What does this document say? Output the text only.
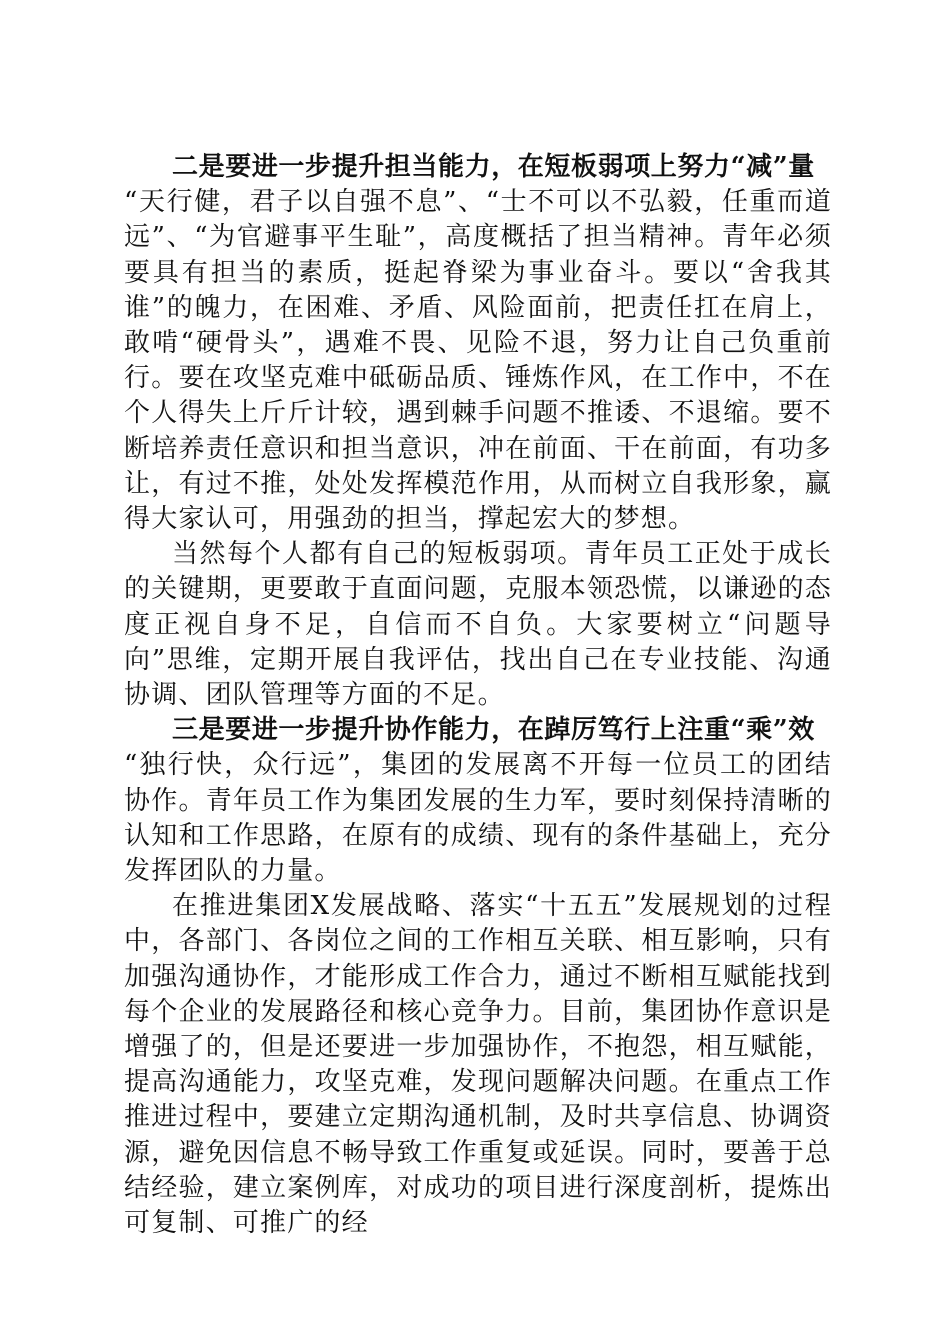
二是要进一步提升担当能力，在短板弱项上努力“减”量

“天行健，君子以自强不息”、“士不可以不弘毅，任重而道远”、“为官避事平生耻”，高度概括了担当精神。青年必须要具有担当的素质，挺起脊梁为事业奋斗。要以“舍我其谁”的魄力，在困难、矛盾、风险面前，把责任扛在肩上，敢啃“硬骨头”，遇难不畏、见险不退，努力让自己负重前行。要在攻坚克难中砥砺品质、锤炼作风，在工作中，不在个人得失上斤斤计较，遇到棘手问题不推诿、不退缩。要不断培养责任意识和担当意识，冲在前面、干在前面，有功多让，有过不推，处处发挥模范作用，从而树立自我形象，赢得大家认可，用强劲的担当，撑起宏大的梦想。

当然每个人都有自己的短板弱项。青年员工正处于成长的关键期，更要敢于直面问题，克服本领恐慌，以谦逊的态度正视自身不足，自信而不自负。大家要树立“问题导向”思维，定期开展自我评估，找出自己在专业技能、沟通协调、团队管理等方面的不足。

三是要进一步提升协作能力，在踔厉笃行上注重“乘”效

“独行快，众行远”，集团的发展离不开每一位员工的团结协作。青年员工作为集团发展的生力军，要时刻保持清晰的认知和工作思路，在原有的成绩、现有的条件基础上，充分发挥团队的力量。

在推进集团X发展战略、落实“十五五”发展规划的过程中，各部门、各岗位之间的工作相互关联、相互影响，只有加强沟通协作，才能形成工作合力，通过不断相互赋能找到每个企业的发展路径和核心竞争力。目前，集团协作意识是增强了的，但是还要进一步加强协作，不抱怨，相互赋能，提高沟通能力，攻坚克难，发现问题解决问题。在重点工作推进过程中，要建立定期沟通机制，及时共享信息、协调资源，避免因信息不畅导致工作重复或延误。同时，要善于总结经验，建立案例库，对成功的项目进行深度剖析，提炼出可复制、可推广的经
